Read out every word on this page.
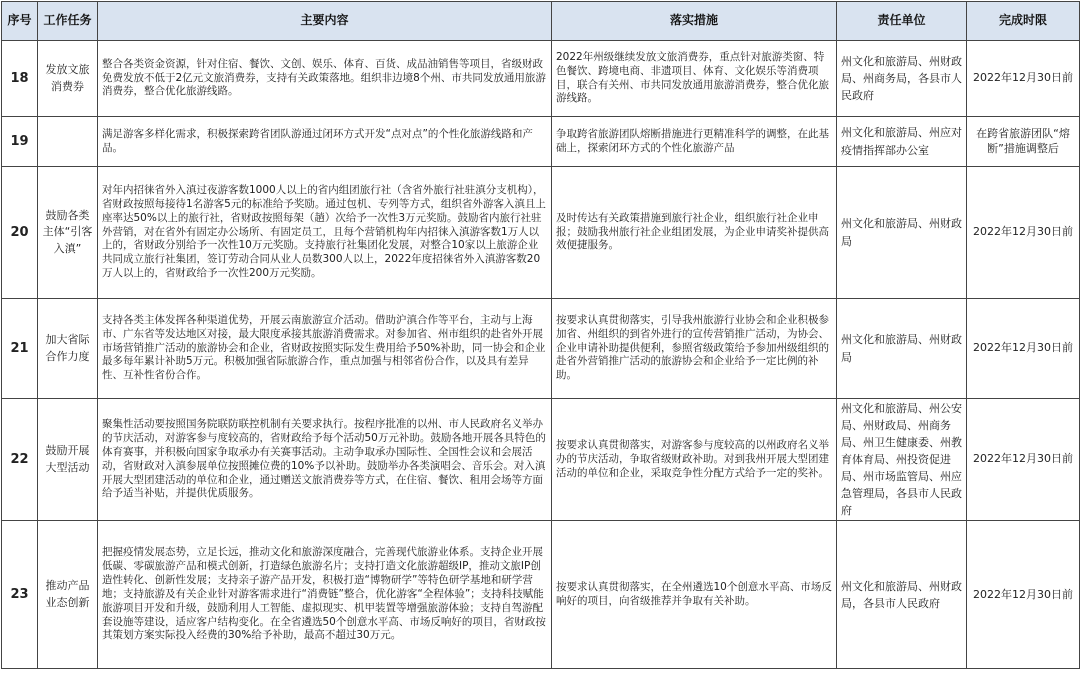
序号	工作任务	主要内容	落实措施	责任单位	完成时限
18	发放文旅消费券	整合各类资金资源，针对住宿、餐饮、文创、娱乐、体育、百货、成品油销售等项目，省级财政免费发放不低于2亿元文旅消费券，支持有关政策落地。组织非边境8个州、市共同发放通用旅游消费券，整合优化旅游线路。	2022年州级继续发放文旅消费券，重点针对旅游类窗、特色餐饮、跨境电商、非遗项目、体育、文化娱乐等消费项目，联合有关州、市共同发放通用旅游消费券，整合优化旅游线路。	州文化和旅游局、州财政局、州商务局，各县市人民政府	2022年12月30日前
19		满足游客多样化需求，积极探索跨省团队游通过闭环方式开发“点对点”的个性化旅游线路和产品。	争取跨省旅游团队熔断措施进行更精准科学的调整，在此基础上，探索闭环方式的个性化旅游产品	州文化和旅游局、州应对疫情指挥部办公室	在跨省旅游团队“熔断”措施调整后
20	鼓励各类主体“引客入滇”	对年内招徕省外入滇过夜游客数1000人以上的省内组团旅行社（含省外旅行社驻滇分支机构），省财政按照每接待1名游客5元的标准给予奖励。通过包机、专列等方式，组织省外游客入滇且上座率达50%以上的旅行社，省财政按照每架（趟）次给予一次性3万元奖励。鼓励省内旅行社驻外营销，对在省外有固定办公场所、有固定员工，且每个营销机构年内招徕入滇游客数1万人以上的，省财政分别给予一次性10万元奖励。支持旅行社集团化发展，对整合10家以上旅游企业共同成立旅行社集团，签订劳动合同从业人员数300人以上，2022年度招徕省外入滇游客数20万人以上的，省财政给予一次性200万元奖励。	及时传达有关政策措施到旅行社企业，组织旅行社企业申报；鼓励我州旅行社企业组团发展，为企业申请奖补提供高效便捷服务。	州文化和旅游局、州财政局	2022年12月30日前
21	加大省际合作力度	支持各类主体发挥各种渠道优势，开展云南旅游宣介活动。借助沪滇合作等平台，主动与上海市、广东省等发达地区对接，最大限度承接其旅游消费需求。对参加省、州市组织的赴省外开展市场营销推广活动的旅游协会和企业，省财政按照实际发生费用给予50%补助，同一协会和企业最多每年累计补助5万元。积极加强省际旅游合作，重点加强与相邻省份合作，以及具有差异性、互补性省份合作。	按要求认真贯彻落实，引导我州旅游行业协会和企业积极参加省、州组织的到省外进行的宣传营销推广活动，为协会、企业申请补助提供便利，参照省级政策给予参加州级组织的赴省外营销推广活动的旅游协会和企业给予一定比例的补助。	州文化和旅游局、州财政局	2022年12月30日前
22	鼓励开展大型活动	聚集性活动要按照国务院联防联控机制有关要求执行。按程序批准的以州、市人民政府名义举办的节庆活动，对游客参与度较高的，省财政给予每个活动50万元补助。鼓励各地开展各具特色的体育赛事，并积极向国家争取承办有关赛事活动。主动争取承办国际性、全国性会议和会展活动，省财政对入滇参展单位按照摊位费的10%予以补助。鼓励举办各类演唱会、音乐会。对入滇开展大型团建活动的单位和企业，通过赠送文旅消费券等方式，在住宿、餐饮、租用会场等方面给予适当补贴，并提供优质服务。	按要求认真贯彻落实，对游客参与度较高的以州政府名义举办的节庆活动，争取省级财政补助。对到我州开展大型团建活动的单位和企业，采取竞争性分配方式给予一定的奖补。	州文化和旅游局、州公安局、州财政局、州商务局、州卫生健康委、州教育体育局、州投资促进局、州市场监管局、州应急管理局，各县市人民政府	2022年12月30日前
23	推动产品业态创新	把握疫情发展态势，立足长远，推动文化和旅游深度融合，完善现代旅游业体系。支持企业开展低碳、零碳旅游产品和模式创新，打造绿色旅游名片；支持打造文化旅游超级IP，推动文旅IP创造性转化、创新性发展；支持亲子游产品开发，积极打造“博物研学”等特色研学基地和研学营地；支持旅游及有关企业针对游客需求进行“消费链”整合，优化游客“全程体验”；支持科技赋能旅游项目开发和升级，鼓励利用人工智能、虚拟现实、机甲装置等增强旅游体验；支持自驾游配套设施等建设，适应客户结构变化。在全省遴选50个创意水平高、市场反响好的项目，省财政按其策划方案实际投入经费的30%给予补助，最高不超过30万元。	按要求认真贯彻落实，在全州遴选10个创意水平高、市场反响好的项目，向省级推荐并争取有关补助。	州文化和旅游局、州财政局，各县市人民政府	2022年12月30日前
